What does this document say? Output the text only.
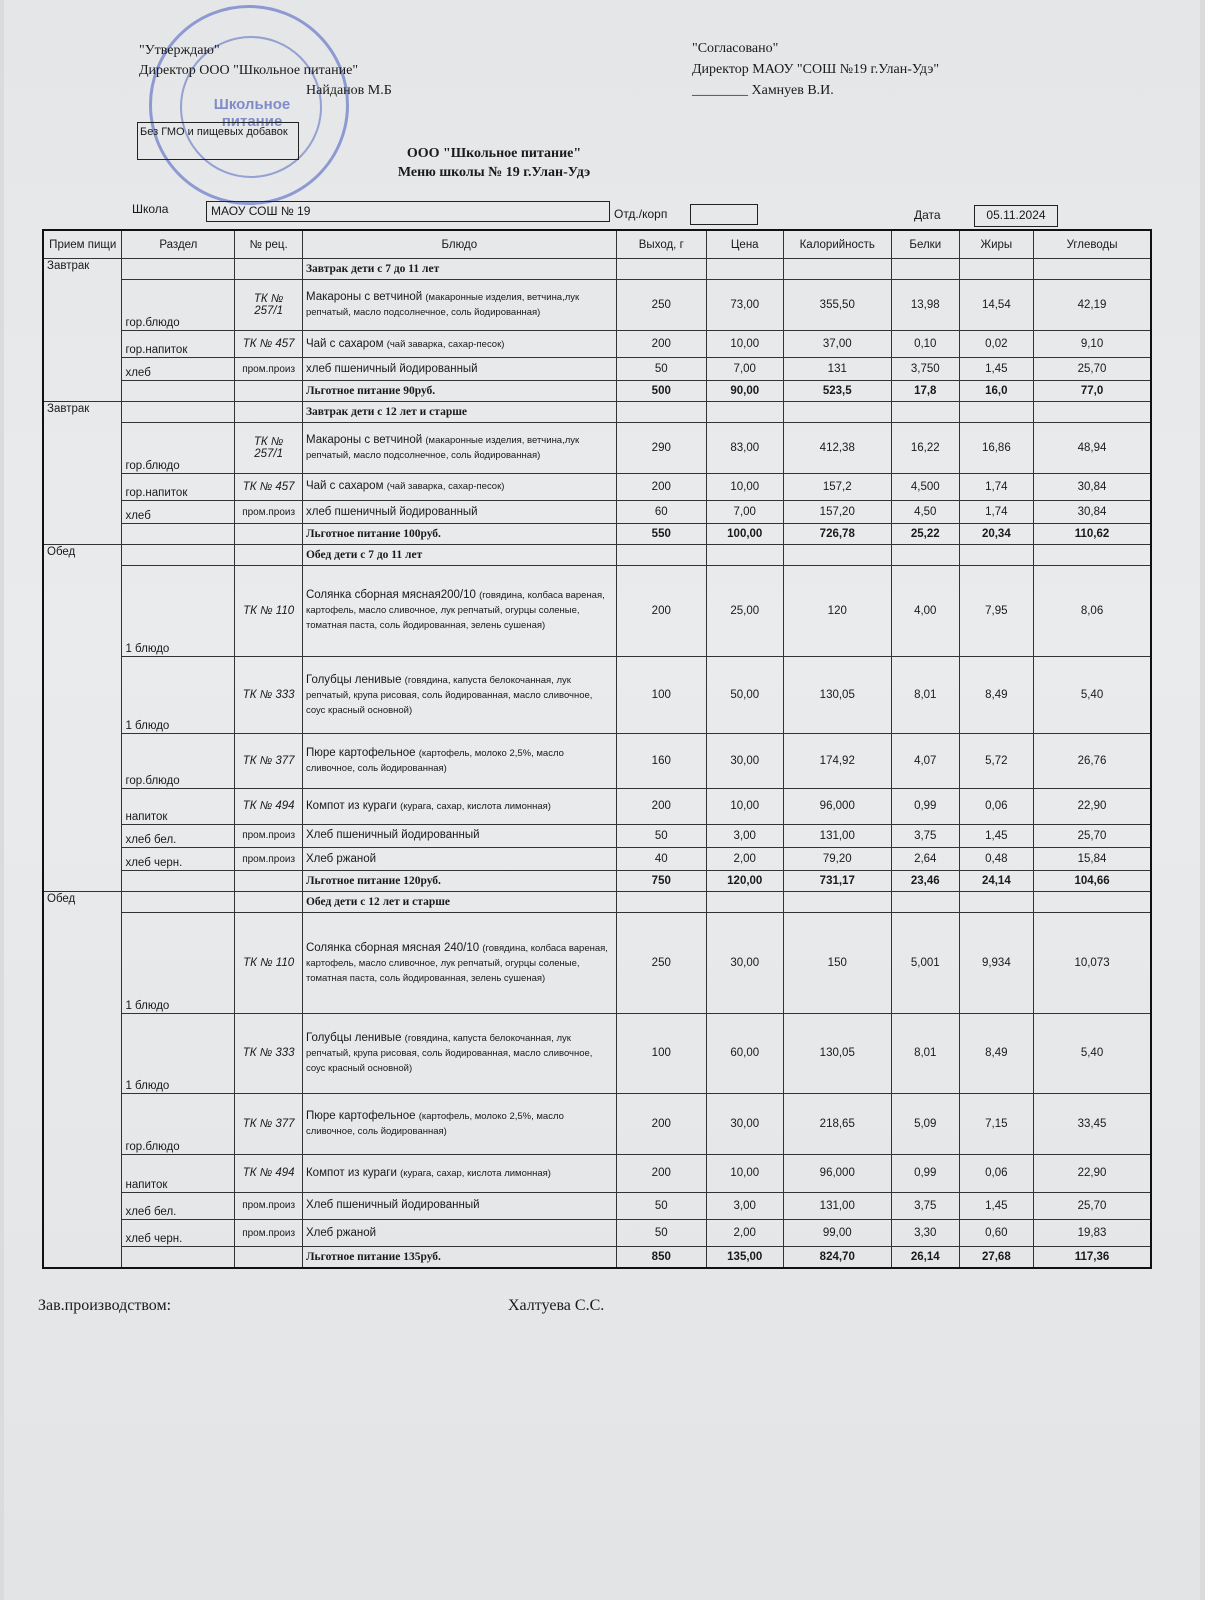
Школьное питание
"Утверждаю"
Директор ООО "Школьное питание"
Найданов М.Б
"Согласовано"
Директор МАОУ "СОШ №19 г.Улан-Удэ"
________ Хамнуев В.И.
Без ГМО и пищевых добавок
ООО "Школьное питание"
Меню школы № 19 г.Улан-Удэ
Школа	МАОУ СОШ № 19	Отд./корп	Дата	05.11.2024
Прием пищи	Раздел	№ рец.	Блюдо	Выход, г	Цена	Калорийность	Белки	Жиры	Углеводы
Завтрак			Завтрак дети с 7 до 11 лет						
	гор.блюдо	ТК № 257/1	Макароны с ветчиной (макаронные изделия, ветчина,лук репчатый, масло подсолнечное, соль йодированная)	250	73,00	355,50	13,98	14,54	42,19
	гор.напиток	ТК № 457	Чай с сахаром (чай заварка, сахар-песок)	200	10,00	37,00	0,10	0,02	9,10
	хлеб	пром.произ	хлеб пшеничный йодированный	50	7,00	131	3,750	1,45	25,70
			Льготное питание 90руб.	500	90,00	523,5	17,8	16,0	77,0
Завтрак			Завтрак дети с 12 лет и старше						
	гор.блюдо	ТК № 257/1	Макароны с ветчиной (макаронные изделия, ветчина,лук репчатый, масло подсолнечное, соль йодированная)	290	83,00	412,38	16,22	16,86	48,94
	гор.напиток	ТК № 457	Чай с сахаром (чай заварка, сахар-песок)	200	10,00	157,2	4,500	1,74	30,84
	хлеб	пром.произ	хлеб пшеничный йодированный	60	7,00	157,20	4,50	1,74	30,84
			Льготное питание 100руб.	550	100,00	726,78	25,22	20,34	110,62
Обед			Обед дети с 7 до 11 лет						
	1 блюдо	ТК № 110	Солянка сборная мясная200/10 (говядина, колбаса вареная, картофель, масло сливочное, лук репчатый, огурцы соленые, томатная паста, соль йодированная, зелень сушеная)	200	25,00	120	4,00	7,95	8,06
	1 блюдо	ТК № 333	Голубцы ленивые (говядина, капуста белокочанная, лук репчатый, крупа рисовая, соль йодированная, масло сливочное, соус красный основной)	100	50,00	130,05	8,01	8,49	5,40
	гор.блюдо	ТК № 377	Пюре картофельное (картофель, молоко 2,5%, масло сливочное, соль йодированная)	160	30,00	174,92	4,07	5,72	26,76
	напиток	ТК № 494	Компот из кураги (курага, сахар, кислота лимонная)	200	10,00	96,000	0,99	0,06	22,90
	хлеб бел.	пром.произ	Хлеб пшеничный йодированный	50	3,00	131,00	3,75	1,45	25,70
	хлеб черн.	пром.произ	Хлеб ржаной	40	2,00	79,20	2,64	0,48	15,84
			Льготное питание 120руб.	750	120,00	731,17	23,46	24,14	104,66
Обед			Обед дети с 12 лет и старше						
	1 блюдо	ТК № 110	Солянка сборная мясная 240/10 (говядина, колбаса вареная, картофель, масло сливочное, лук репчатый, огурцы соленые, томатная паста, соль йодированная, зелень сушеная)	250	30,00	150	5,001	9,934	10,073
	1 блюдо	ТК № 333	Голубцы ленивые (говядина, капуста белокочанная, лук репчатый, крупа рисовая, соль йодированная, масло сливочное, соус красный основной)	100	60,00	130,05	8,01	8,49	5,40
	гор.блюдо	ТК № 377	Пюре картофельное (картофель, молоко 2,5%, масло сливочное, соль йодированная)	200	30,00	218,65	5,09	7,15	33,45
	напиток	ТК № 494	Компот из кураги (курага, сахар, кислота лимонная)	200	10,00	96,000	0,99	0,06	22,90
	хлеб бел.	пром.произ	Хлеб пшеничный йодированный	50	3,00	131,00	3,75	1,45	25,70
	хлеб черн.	пром.произ	Хлеб ржаной	50	2,00	99,00	3,30	0,60	19,83
			Льготное питание 135руб.	850	135,00	824,70	26,14	27,68	117,36
Зав.производством:	Халтуева С.С.
